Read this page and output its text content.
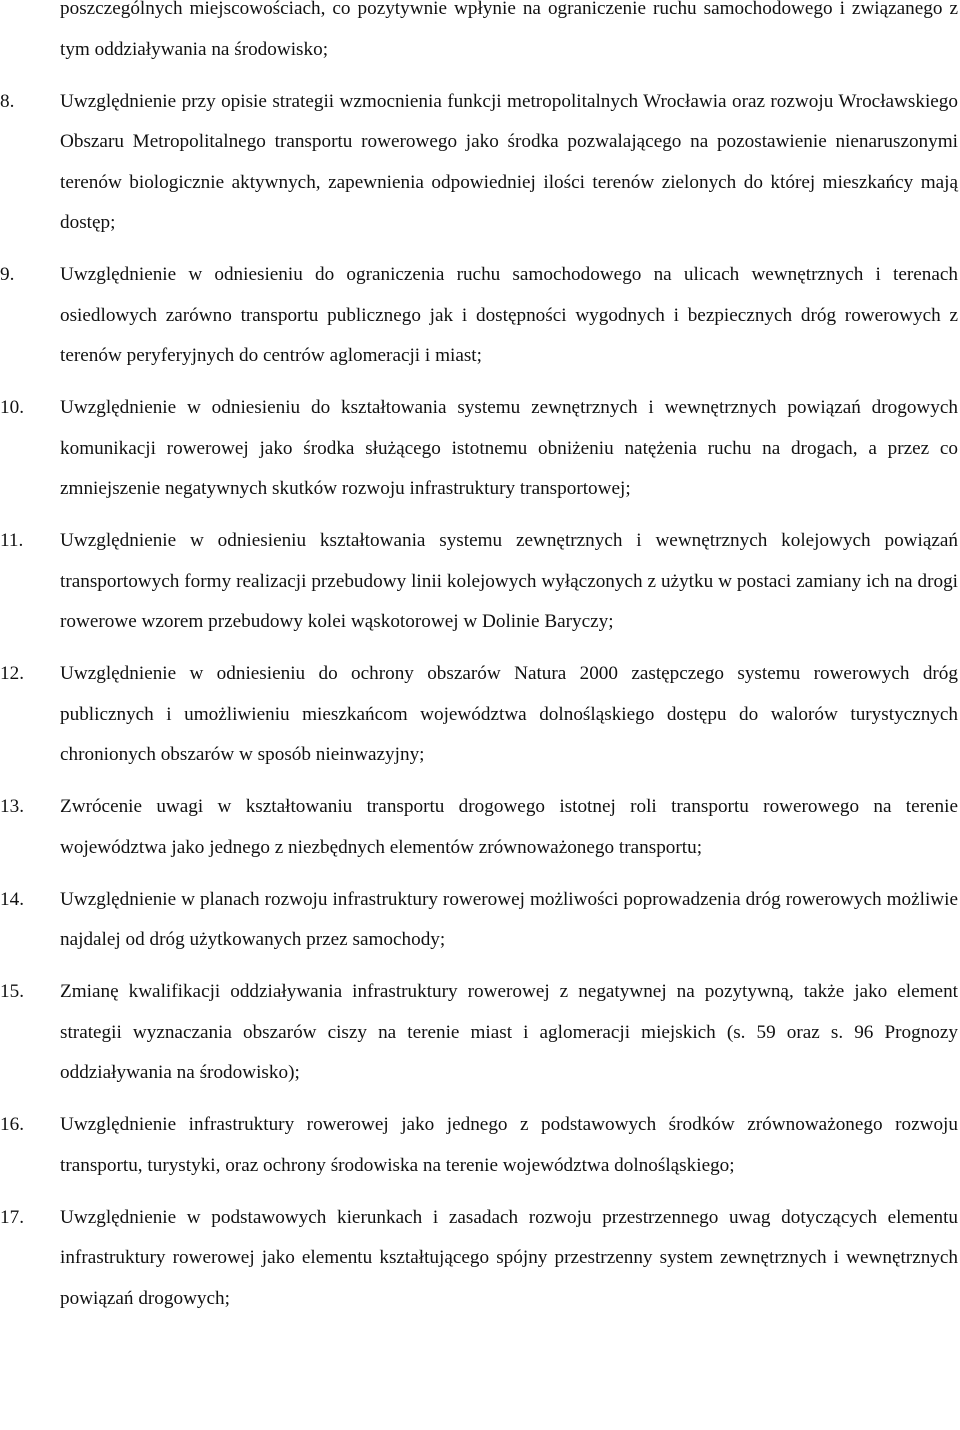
poszczególnych miejscowościach, co pozytywnie wpłynie na ograniczenie ruchu samochodowego i związanego z tym oddziaływania na środowisko;

8. Uwzględnienie przy opisie strategii wzmocnienia funkcji metropolitalnych Wrocławia oraz rozwoju Wrocławskiego Obszaru Metropolitalnego transportu rowerowego jako środka pozwalającego na pozostawienie nienaruszonymi terenów biologicznie aktywnych, zapewnienia odpowiedniej ilości terenów zielonych do której mieszkańcy mają dostęp;
9. Uwzględnienie w odniesieniu do ograniczenia ruchu samochodowego na ulicach wewnętrznych i terenach osiedlowych zarówno transportu publicznego jak i dostępności wygodnych i bezpiecznych dróg rowerowych z terenów peryferyjnych do centrów aglomeracji i miast;
10. Uwzględnienie w odniesieniu do kształtowania systemu zewnętrznych i wewnętrznych powiązań drogowych komunikacji rowerowej jako środka służącego istotnemu obniżeniu natężenia ruchu na drogach, a przez co zmniejszenie negatywnych skutków rozwoju infrastruktury transportowej;
11. Uwzględnienie w odniesieniu kształtowania systemu zewnętrznych i wewnętrznych kolejowych powiązań transportowych formy realizacji przebudowy linii kolejowych wyłączonych z użytku w postaci zamiany ich na drogi rowerowe wzorem przebudowy kolei wąskotorowej w Dolinie Baryczy;
12. Uwzględnienie w odniesieniu do ochrony obszarów Natura 2000 zastępczego systemu rowerowych dróg publicznych i umożliwieniu mieszkańcom województwa dolnośląskiego dostępu do walorów turystycznych chronionych obszarów w sposób nieinwazyjny;
13. Zwrócenie uwagi w kształtowaniu transportu drogowego istotnej roli transportu rowerowego na terenie województwa jako jednego z niezbędnych elementów zrównoważonego transportu;
14. Uwzględnienie w planach rozwoju infrastruktury rowerowej możliwości poprowadzenia dróg rowerowych możliwie najdalej od dróg użytkowanych przez samochody;
15. Zmianę kwalifikacji oddziaływania infrastruktury rowerowej z negatywnej na pozytywną, także jako element strategii wyznaczania obszarów ciszy na terenie miast i aglomeracji miejskich (s. 59 oraz s. 96 Prognozy oddziaływania na środowisko);
16. Uwzględnienie infrastruktury rowerowej jako jednego z podstawowych środków zrównoważonego rozwoju transportu, turystyki, oraz ochrony środowiska na terenie województwa dolnośląskiego;
17. Uwzględnienie w podstawowych kierunkach i zasadach rozwoju przestrzennego uwag dotyczących elementu infrastruktury rowerowej jako elementu kształtującego spójny przestrzenny system zewnętrznych i wewnętrznych powiązań drogowych;
